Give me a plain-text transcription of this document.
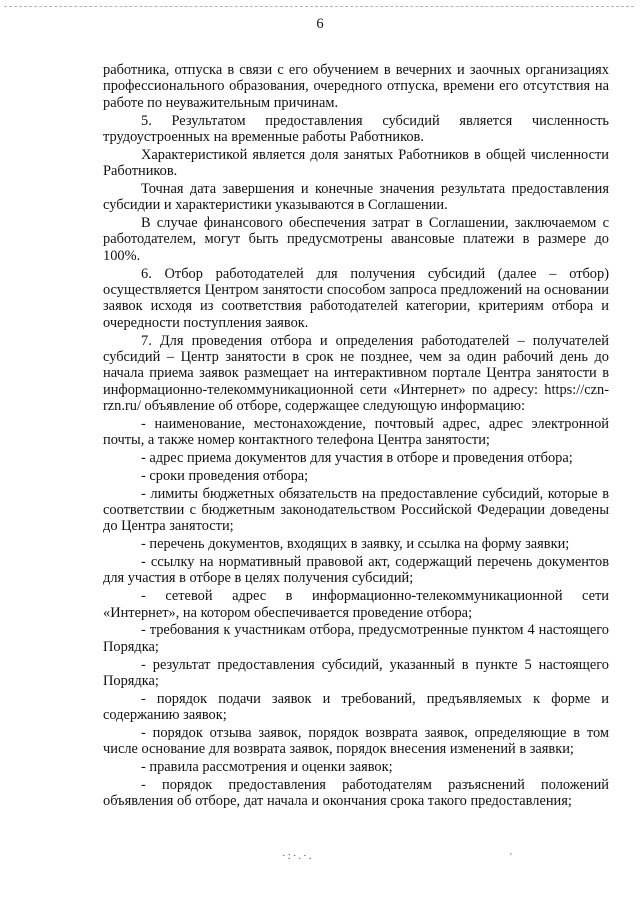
6

работника, отпуска в связи с его обучением в вечерних и заочных организациях профессионального образования, очередного отпуска, времени его отсутствия на работе по неуважительным причинам.

5. Результатом предоставления субсидий является численность трудоустроенных на временные работы Работников.

Характеристикой является доля занятых Работников в общей численности Работников.

Точная дата завершения и конечные значения результата предоставления субсидии и характеристики указываются в Соглашении.

В случае финансового обеспечения затрат в Соглашении, заключаемом с работодателем, могут быть предусмотрены авансовые платежи в размере до 100%.

6. Отбор работодателей для получения субсидий (далее – отбор) осуществляется Центром занятости способом запроса предложений на основании заявок исходя из соответствия работодателей категории, критериям отбора и очередности поступления заявок.

7. Для проведения отбора и определения работодателей – получателей субсидий – Центр занятости в срок не позднее, чем за один рабочий день до начала приема заявок размещает на интерактивном портале Центра занятости в информационно-телекоммуникационной сети «Интернет» по адресу: https://czn-rzn.ru/ объявление об отборе, содержащее следующую информацию:

- наименование, местонахождение, почтовый адрес, адрес электронной почты, а также номер контактного телефона Центра занятости;

- адрес приема документов для участия в отборе и проведения отбора;

- сроки проведения отбора;

- лимиты бюджетных обязательств на предоставление субсидий, которые в соответствии с бюджетным законодательством Российской Федерации доведены до Центра занятости;

- перечень документов, входящих в заявку, и ссылка на форму заявки;

- ссылку на нормативный правовой акт, содержащий перечень документов для участия в отборе в целях получения субсидий;

- сетевой адрес в информационно-телекоммуникационной сети «Интернет», на котором обеспечивается проведение отбора;

- требования к участникам отбора, предусмотренные пунктом 4 настоящего Порядка;

- результат предоставления субсидий, указанный в пункте 5 настоящего Порядка;

- порядок подачи заявок и требований, предъявляемых к форме и содержанию заявок;

- порядок отзыва заявок, порядок возврата заявок, определяющие в том числе основание для возврата заявок, порядок внесения изменений в заявки;

- правила рассмотрения и оценки заявок;

- порядок предоставления работодателям разъяснений положений объявления об отборе, дат начала и окончания срока такого предоставления;

·:·.·.	'
